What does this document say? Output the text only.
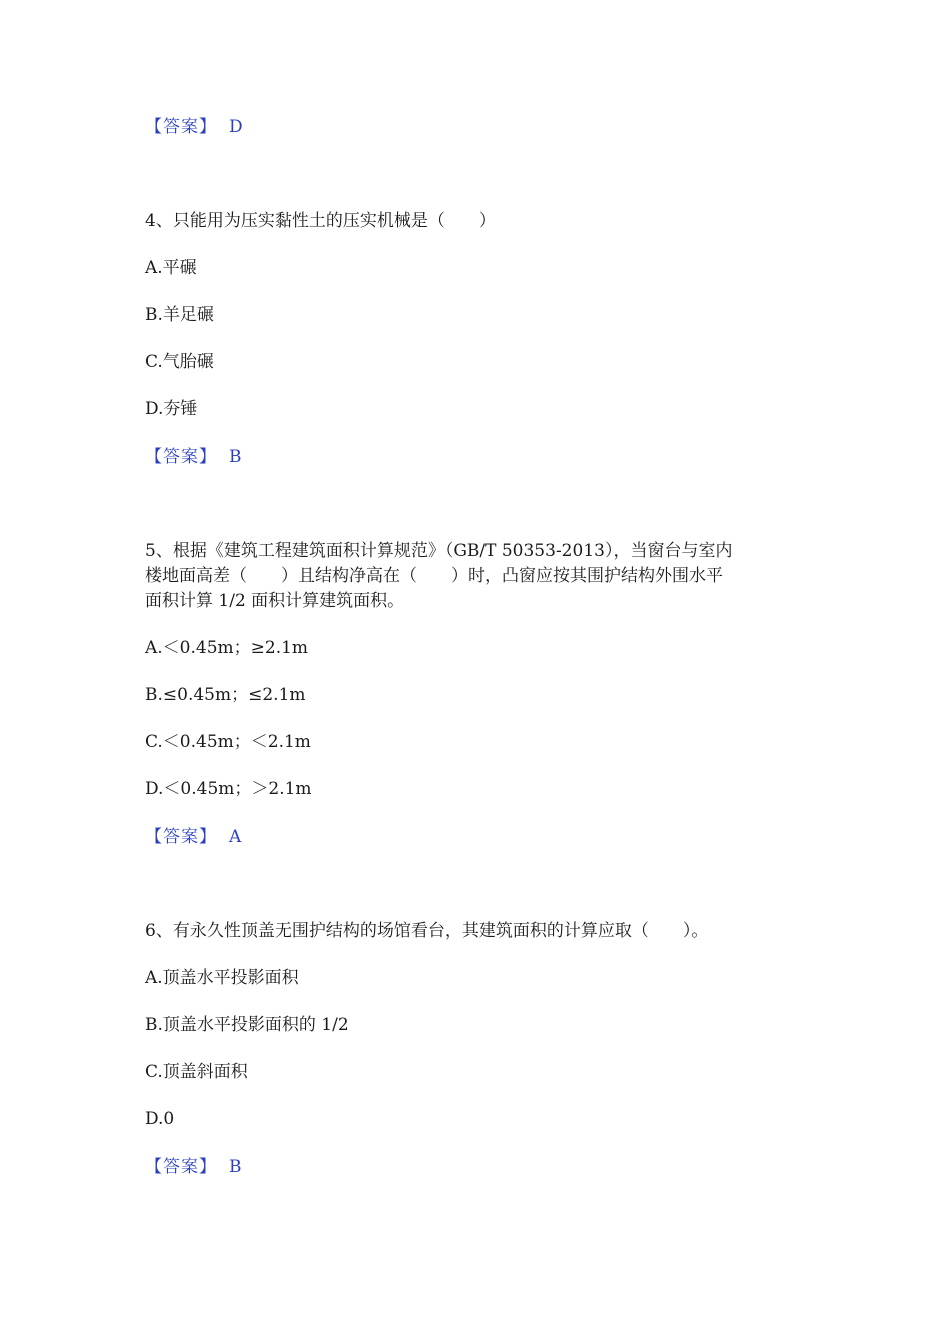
【答案】 D
4、只能用为压实黏性土的压实机械是（　　）
A.平碾
B.羊足碾
C.气胎碾
D.夯锤
【答案】 B
5、根据《建筑工程建筑面积计算规范》（GB/T 50353-2013），当窗台与室内
楼地面高差（　　）且结构净高在（　　）时，凸窗应按其围护结构外围水平
面积计算 1/2 面积计算建筑面积。
A.＜0.45m；≥2.1m
B.≤0.45m；≤2.1m
C.＜0.45m；＜2.1m
D.＜0.45m；＞2.1m
【答案】 A
6、有永久性顶盖无围护结构的场馆看台，其建筑面积的计算应取（　　）。
A.顶盖水平投影面积
B.顶盖水平投影面积的 1/2
C.顶盖斜面积
D.0
【答案】 B
